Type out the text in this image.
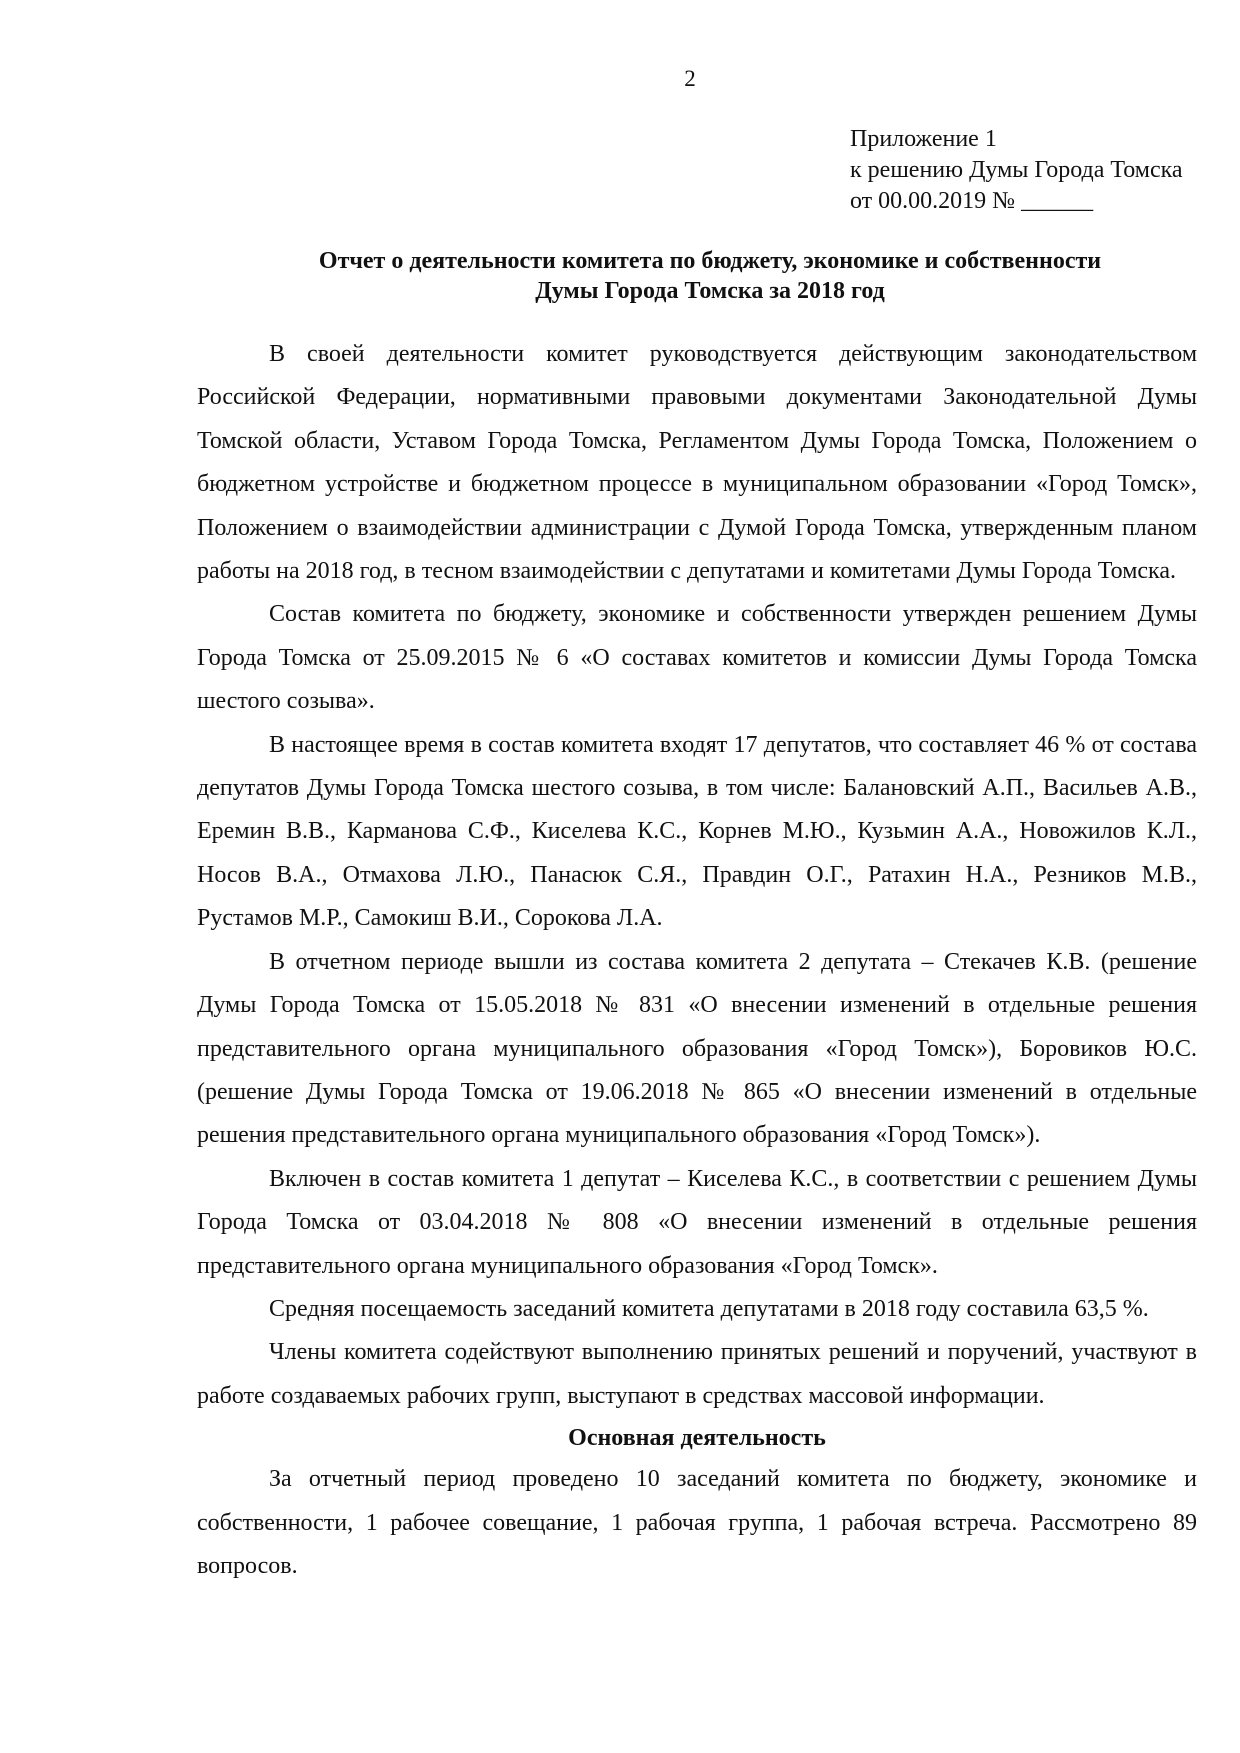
2
Приложение 1
к решению Думы Города Томска
от 00.00.2019 № ______
Отчет о деятельности комитета по бюджету, экономике и собственности
Думы Города Томска за 2018 год

В своей деятельности комитет руководствуется действующим законодательством Российской Федерации, нормативными правовыми документами Законодательной Думы Томской области, Уставом Города Томска, Регламентом Думы Города Томска, Положением о бюджетном устройстве и бюджетном процессе в муниципальном образовании «Город Томск», Положением о взаимодействии администрации с Думой Города Томска, утвержденным планом работы на 2018 год, в тесном взаимодействии с депутатами и комитетами Думы Города Томска.

Состав комитета по бюджету, экономике и собственности утвержден решением Думы Города Томска от 25.09.2015 № 6 «О составах комитетов и комиссии Думы Города Томска шестого созыва».

В настоящее время в состав комитета входят 17 депутатов, что составляет 46 % от состава депутатов Думы Города Томска шестого созыва, в том числе: Балановский А.П., Васильев А.В., Еремин В.В., Карманова С.Ф., Киселева К.С., Корнев М.Ю., Кузьмин А.А., Новожилов К.Л., Носов В.А., Отмахова Л.Ю., Панасюк С.Я., Правдин О.Г., Ратахин Н.А., Резников М.В., Рустамов М.Р., Самокиш В.И., Сорокова Л.А.

В отчетном периоде вышли из состава комитета 2 депутата – Стекачев К.В. (решение Думы Города Томска от 15.05.2018 № 831 «О внесении изменений в отдельные решения представительного органа муниципального образования «Город Томск»), Боровиков Ю.С. (решение Думы Города Томска от 19.06.2018 № 865 «О внесении изменений в отдельные решения представительного органа муниципального образования «Город Томск»).

Включен в состав комитета 1 депутат – Киселева К.С., в соответствии с решением Думы Города Томска от 03.04.2018 № 808 «О внесении изменений в отдельные решения представительного органа муниципального образования «Город Томск».

Средняя посещаемость заседаний комитета депутатами в 2018 году составила 63,5 %.

Члены комитета содействуют выполнению принятых решений и поручений, участвуют в работе создаваемых рабочих групп, выступают в средствах массовой информации.

Основная деятельность

За отчетный период проведено 10 заседаний комитета по бюджету, экономике и собственности, 1 рабочее совещание, 1 рабочая группа, 1 рабочая встреча. Рассмотрено 89 вопросов.
